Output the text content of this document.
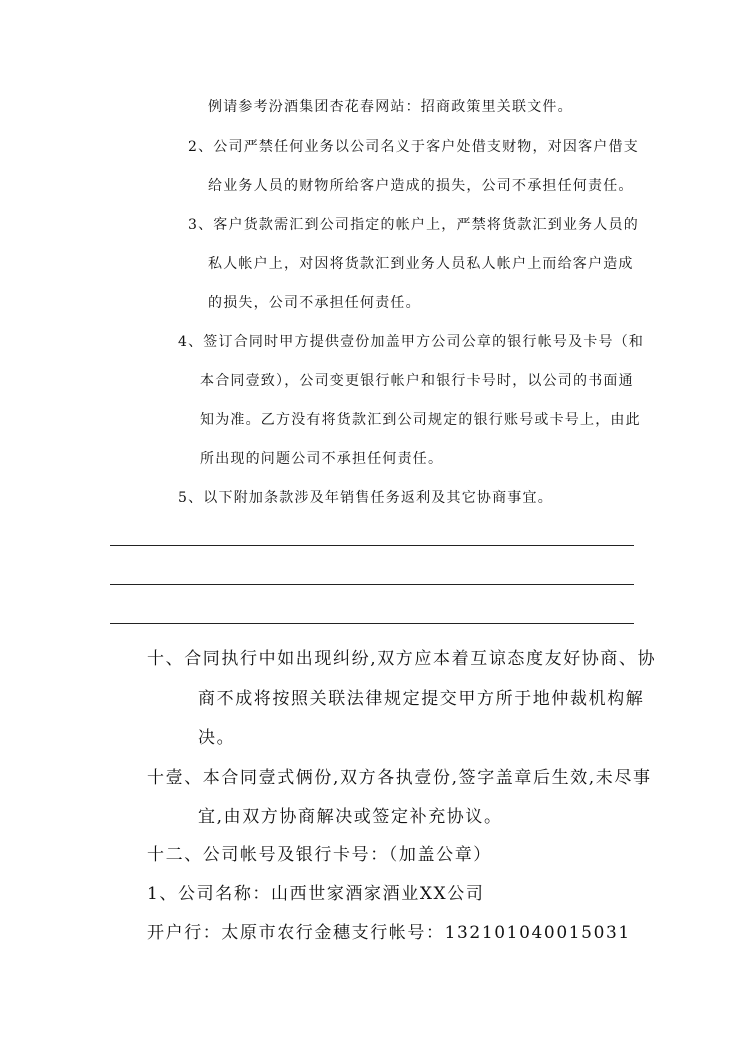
例请参考汾酒集团杏花春网站：招商政策里关联文件。

2、公司严禁任何业务以公司名义于客户处借支财物，对因客户借支

给业务人员的财物所给客户造成的损失，公司不承担任何责任。

3、客户货款需汇到公司指定的帐户上，严禁将货款汇到业务人员的

私人帐户上，对因将货款汇到业务人员私人帐户上而给客户造成

的损失，公司不承担任何责任。

4、签订合同时甲方提供壹份加盖甲方公司公章的银行帐号及卡号（和

本合同壹致），公司变更银行帐户和银行卡号时，以公司的书面通

知为准。乙方没有将货款汇到公司规定的银行账号或卡号上，由此

所出现的问题公司不承担任何责任。

5、以下附加条款涉及年销售任务返利及其它协商事宜。

十、合同执行中如出现纠纷,双方应本着互谅态度友好协商、协

商不成将按照关联法律规定提交甲方所于地仲裁机构解

决。

十壹、本合同壹式俩份,双方各执壹份,签字盖章后生效,未尽事

宜,由双方协商解决或签定补充协议。

十二、公司帐号及银行卡号：（加盖公章）

1、公司名称：山西世家酒家酒业XX公司

开户行：太原市农行金穗支行帐号：132101040015031
